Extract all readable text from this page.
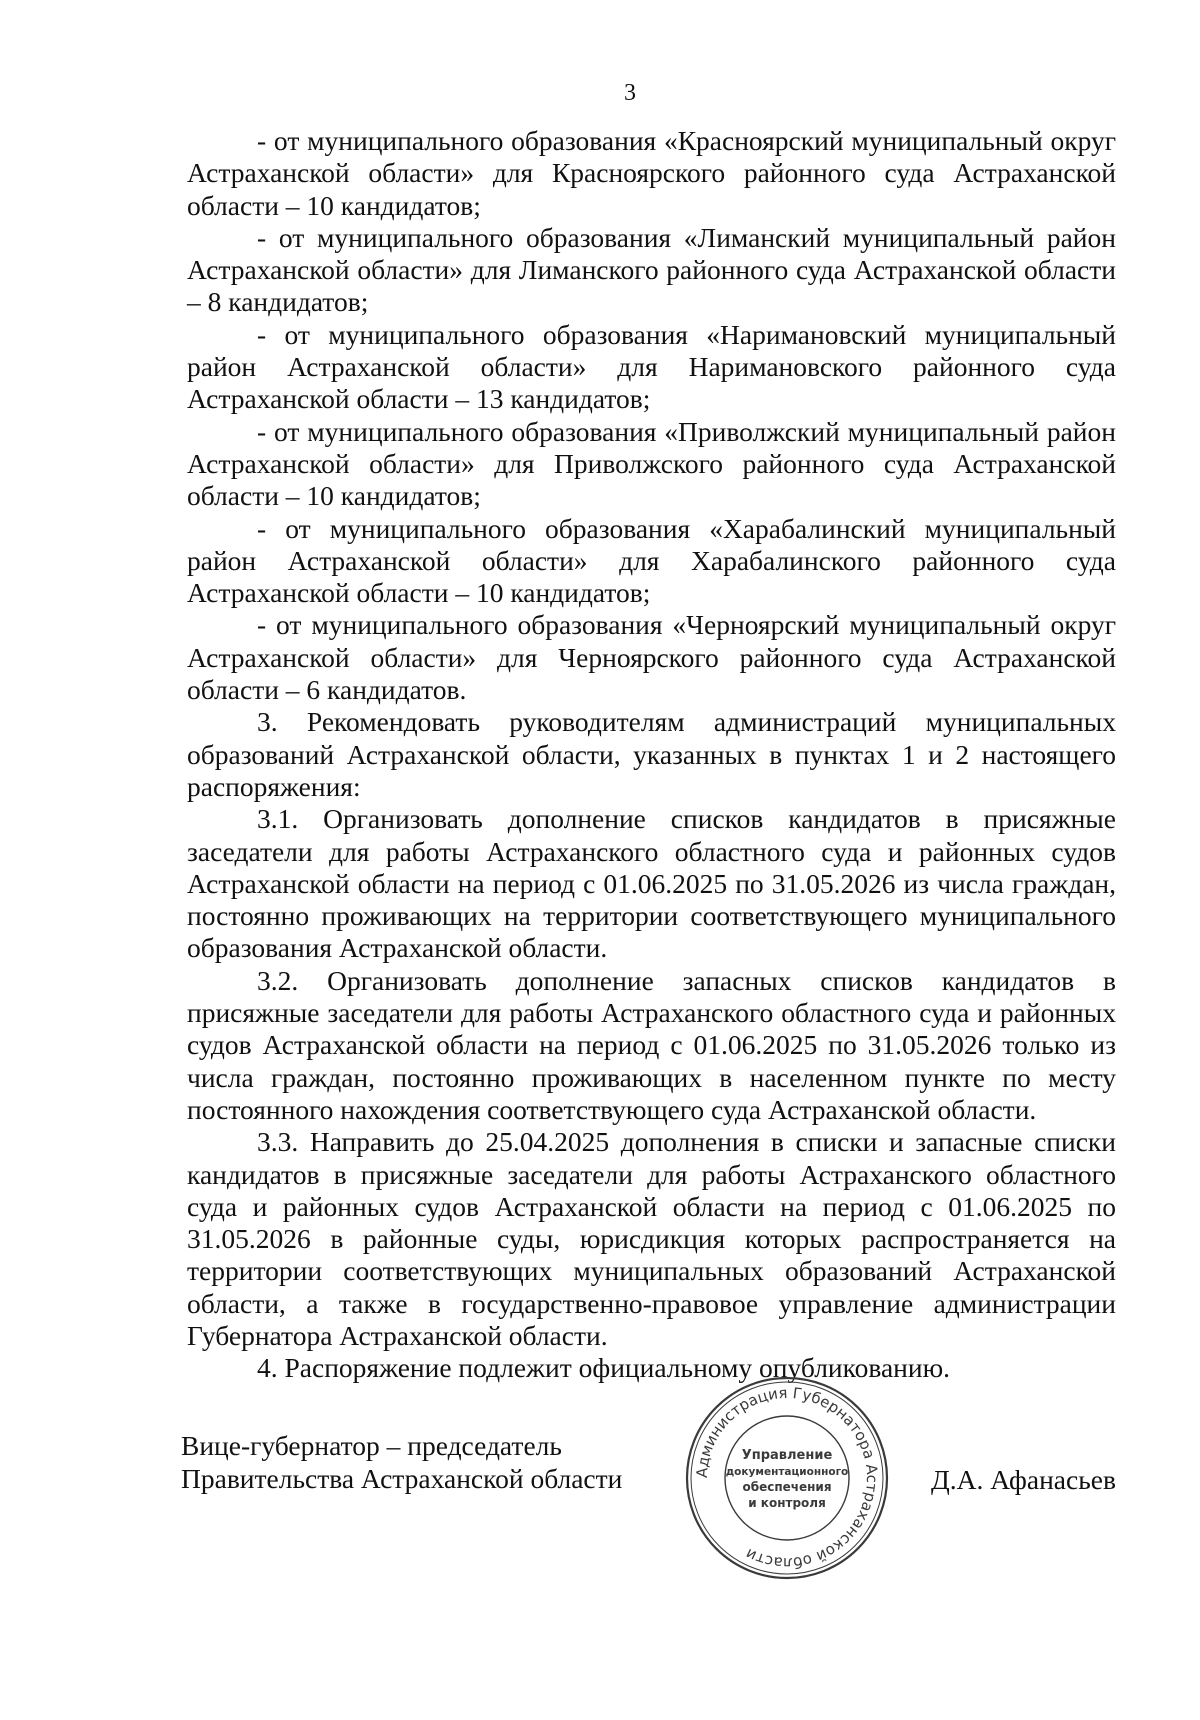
3

- от муниципального образования «Красноярский муниципальный округ Астраханской области» для Красноярского районного суда Астраханской области – 10 кандидатов;

- от муниципального образования «Лиманский муниципальный район Астраханской области» для Лиманского районного суда Астраханской области – 8 кандидатов;

- от муниципального образования «Наримановский муниципальный район Астраханской области» для Наримановского районного суда Астраханской области – 13 кандидатов;

- от муниципального образования «Приволжский муниципальный район Астраханской области» для Приволжского районного суда Астраханской области – 10 кандидатов;

- от муниципального образования «Харабалинский муниципальный район Астраханской области» для Харабалинского районного суда Астраханской области – 10 кандидатов;

- от муниципального образования «Черноярский муниципальный округ Астраханской области» для Черноярского районного суда Астраханской области – 6 кандидатов.

3. Рекомендовать руководителям администраций муниципальных образований Астраханской области, указанных в пунктах 1 и 2 настоящего распоряжения:

3.1. Организовать дополнение списков кандидатов в присяжные заседатели для работы Астраханского областного суда и районных судов Астраханской области на период с 01.06.2025 по 31.05.2026 из числа граждан, постоянно проживающих на территории соответствующего муниципального образования Астраханской области.

3.2. Организовать дополнение запасных списков кандидатов в присяжные заседатели для работы Астраханского областного суда и районных судов Астраханской области на период с 01.06.2025 по 31.05.2026 только из числа граждан, постоянно проживающих в населенном пункте по месту постоянного нахождения соответствующего суда Астраханской области.

3.3. Направить до 25.04.2025 дополнения в списки и запасные списки кандидатов в присяжные заседатели для работы Астраханского областного суда и районных судов Астраханской области на период с 01.06.2025 по 31.05.2026 в районные суды, юрисдикция которых распространяется на территории соответствующих муниципальных образований Астраханской области, а также в государственно-правовое управление администрации Губернатора Астраханской области.

4. Распоряжение подлежит официальному опубликованию.

Вице-губернатор – председатель
Правительства Астраханской области	Администрация Губернатора Астраханской области
Управление
документационного
обеспечения
и контроля
Д.А. Афанасьев
